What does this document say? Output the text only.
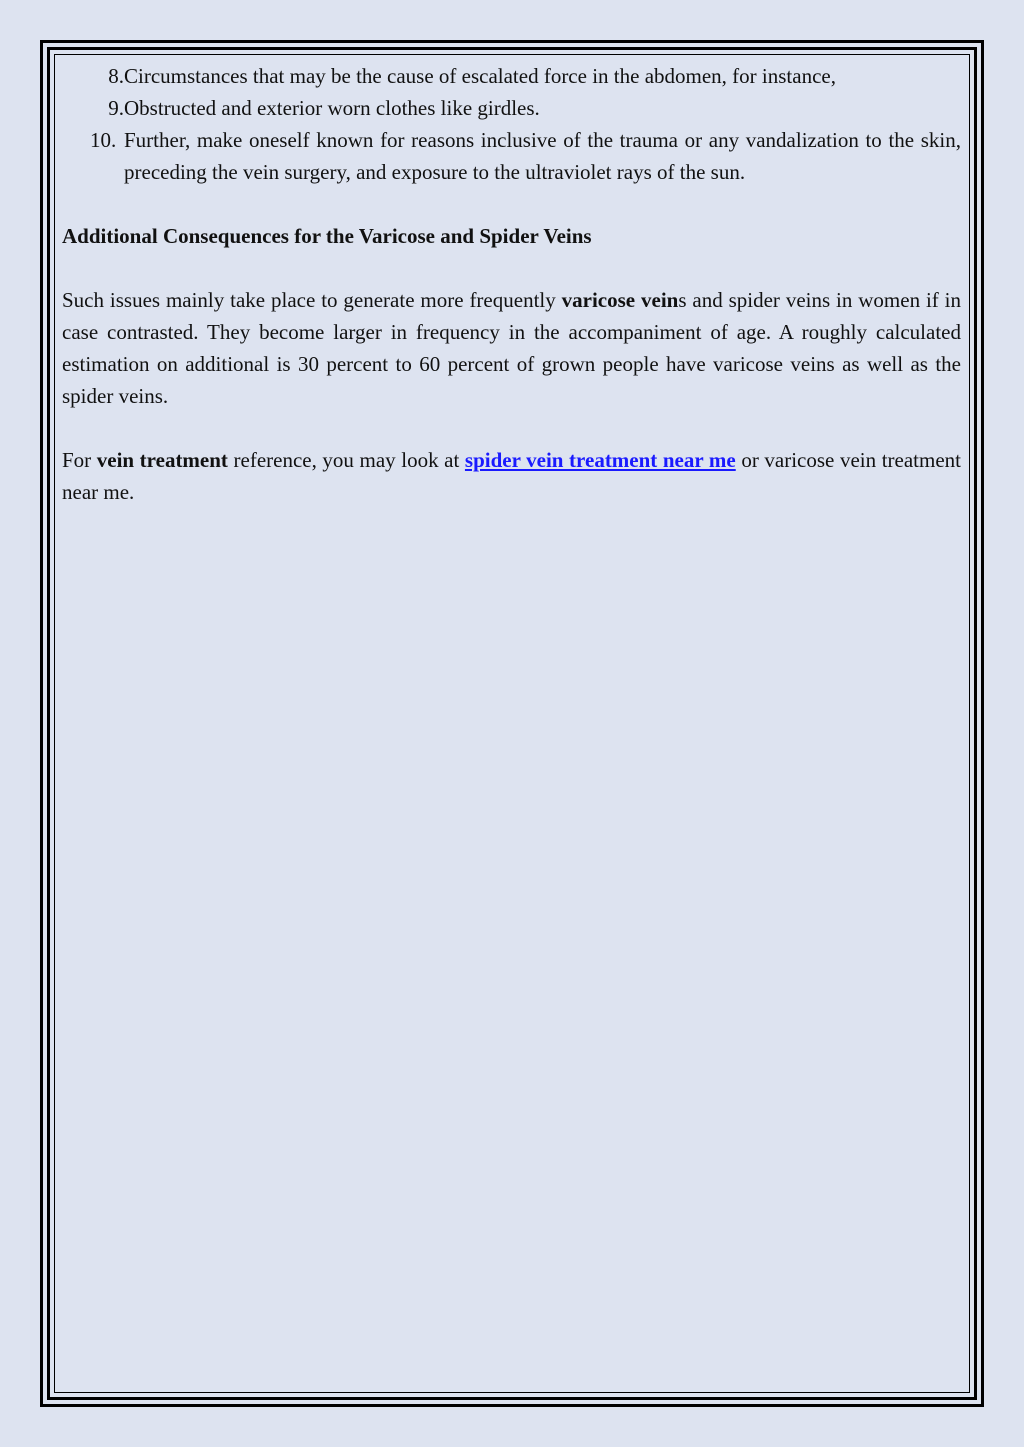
8. Circumstances that may be the cause of escalated force in the abdomen, for instance,
9. Obstructed and exterior worn clothes like girdles.
10. Further, make oneself known for reasons inclusive of the trauma or any vandalization to the skin, preceding the vein surgery, and exposure to the ultraviolet rays of the sun.
Additional Consequences for the Varicose and Spider Veins

Such issues mainly take place to generate more frequently varicose veins and spider veins in women if in case contrasted. They become larger in frequency in the accompaniment of age. A roughly calculated estimation on additional is 30 percent to 60 percent of grown people have varicose veins as well as the spider veins.

For vein treatment reference, you may look at spider vein treatment near me or varicose vein treatment near me.
